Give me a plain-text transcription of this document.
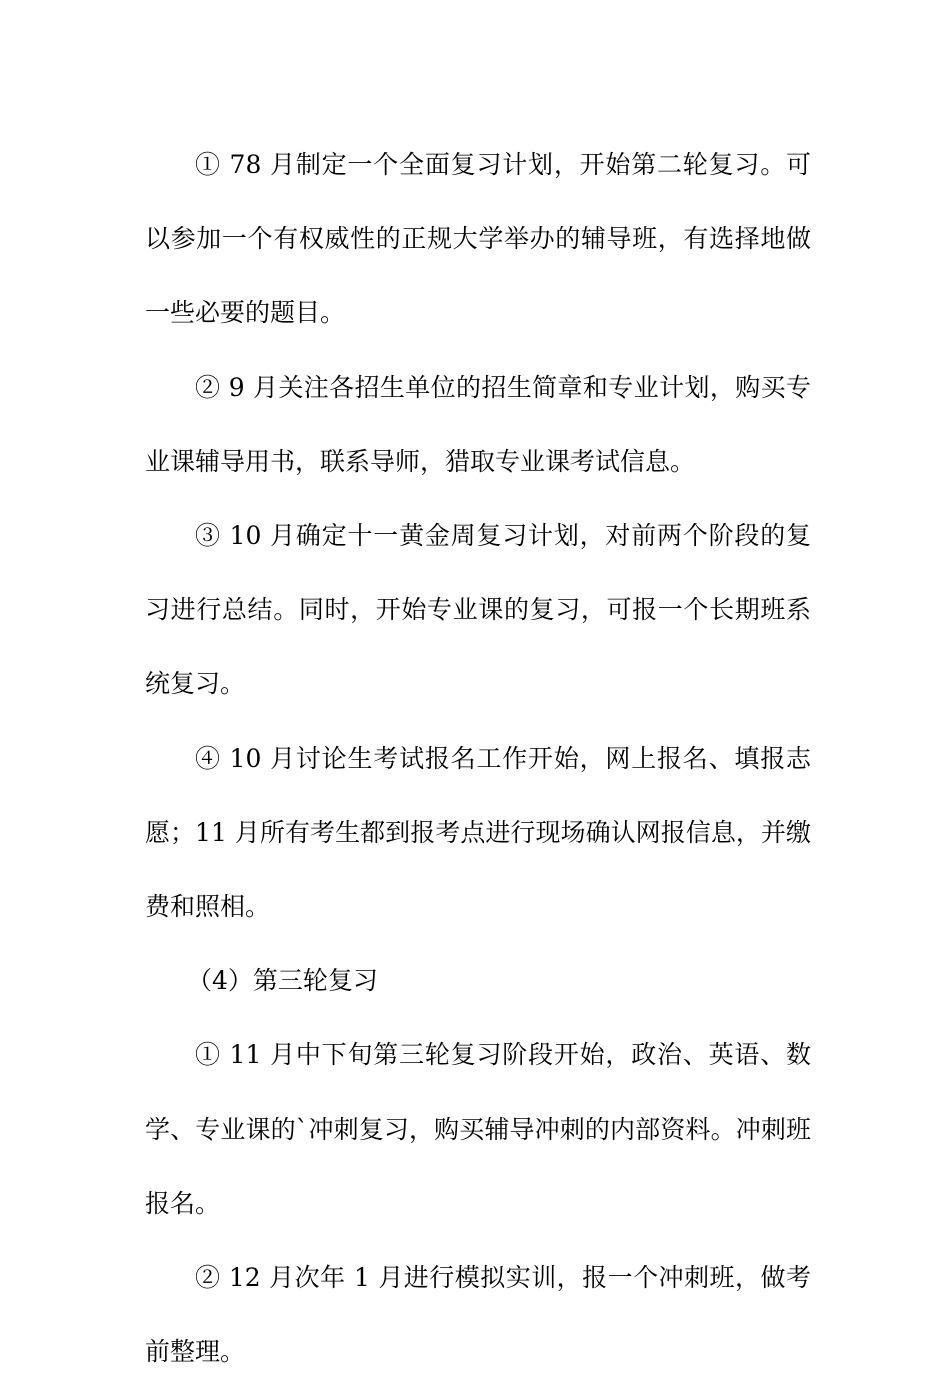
① 78 月制定一个全面复习计划，开始第二轮复习。可以参加一个有权威性的正规大学举办的辅导班，有选择地做一些必要的题目。

② 9 月关注各招生单位的招生简章和专业计划，购买专业课辅导用书，联系导师，猎取专业课考试信息。

③ 10 月确定十一黄金周复习计划，对前两个阶段的复习进行总结。同时，开始专业课的复习，可报一个长期班系统复习。

④ 10 月讨论生考试报名工作开始，网上报名、填报志愿；11 月所有考生都到报考点进行现场确认网报信息，并缴费和照相。

（4）第三轮复习

① 11 月中下旬第三轮复习阶段开始，政治、英语、数学、专业课的`冲刺复习，购买辅导冲刺的内部资料。冲刺班报名。

② 12 月次年 1 月进行模拟实训，报一个冲刺班，做考前整理。
